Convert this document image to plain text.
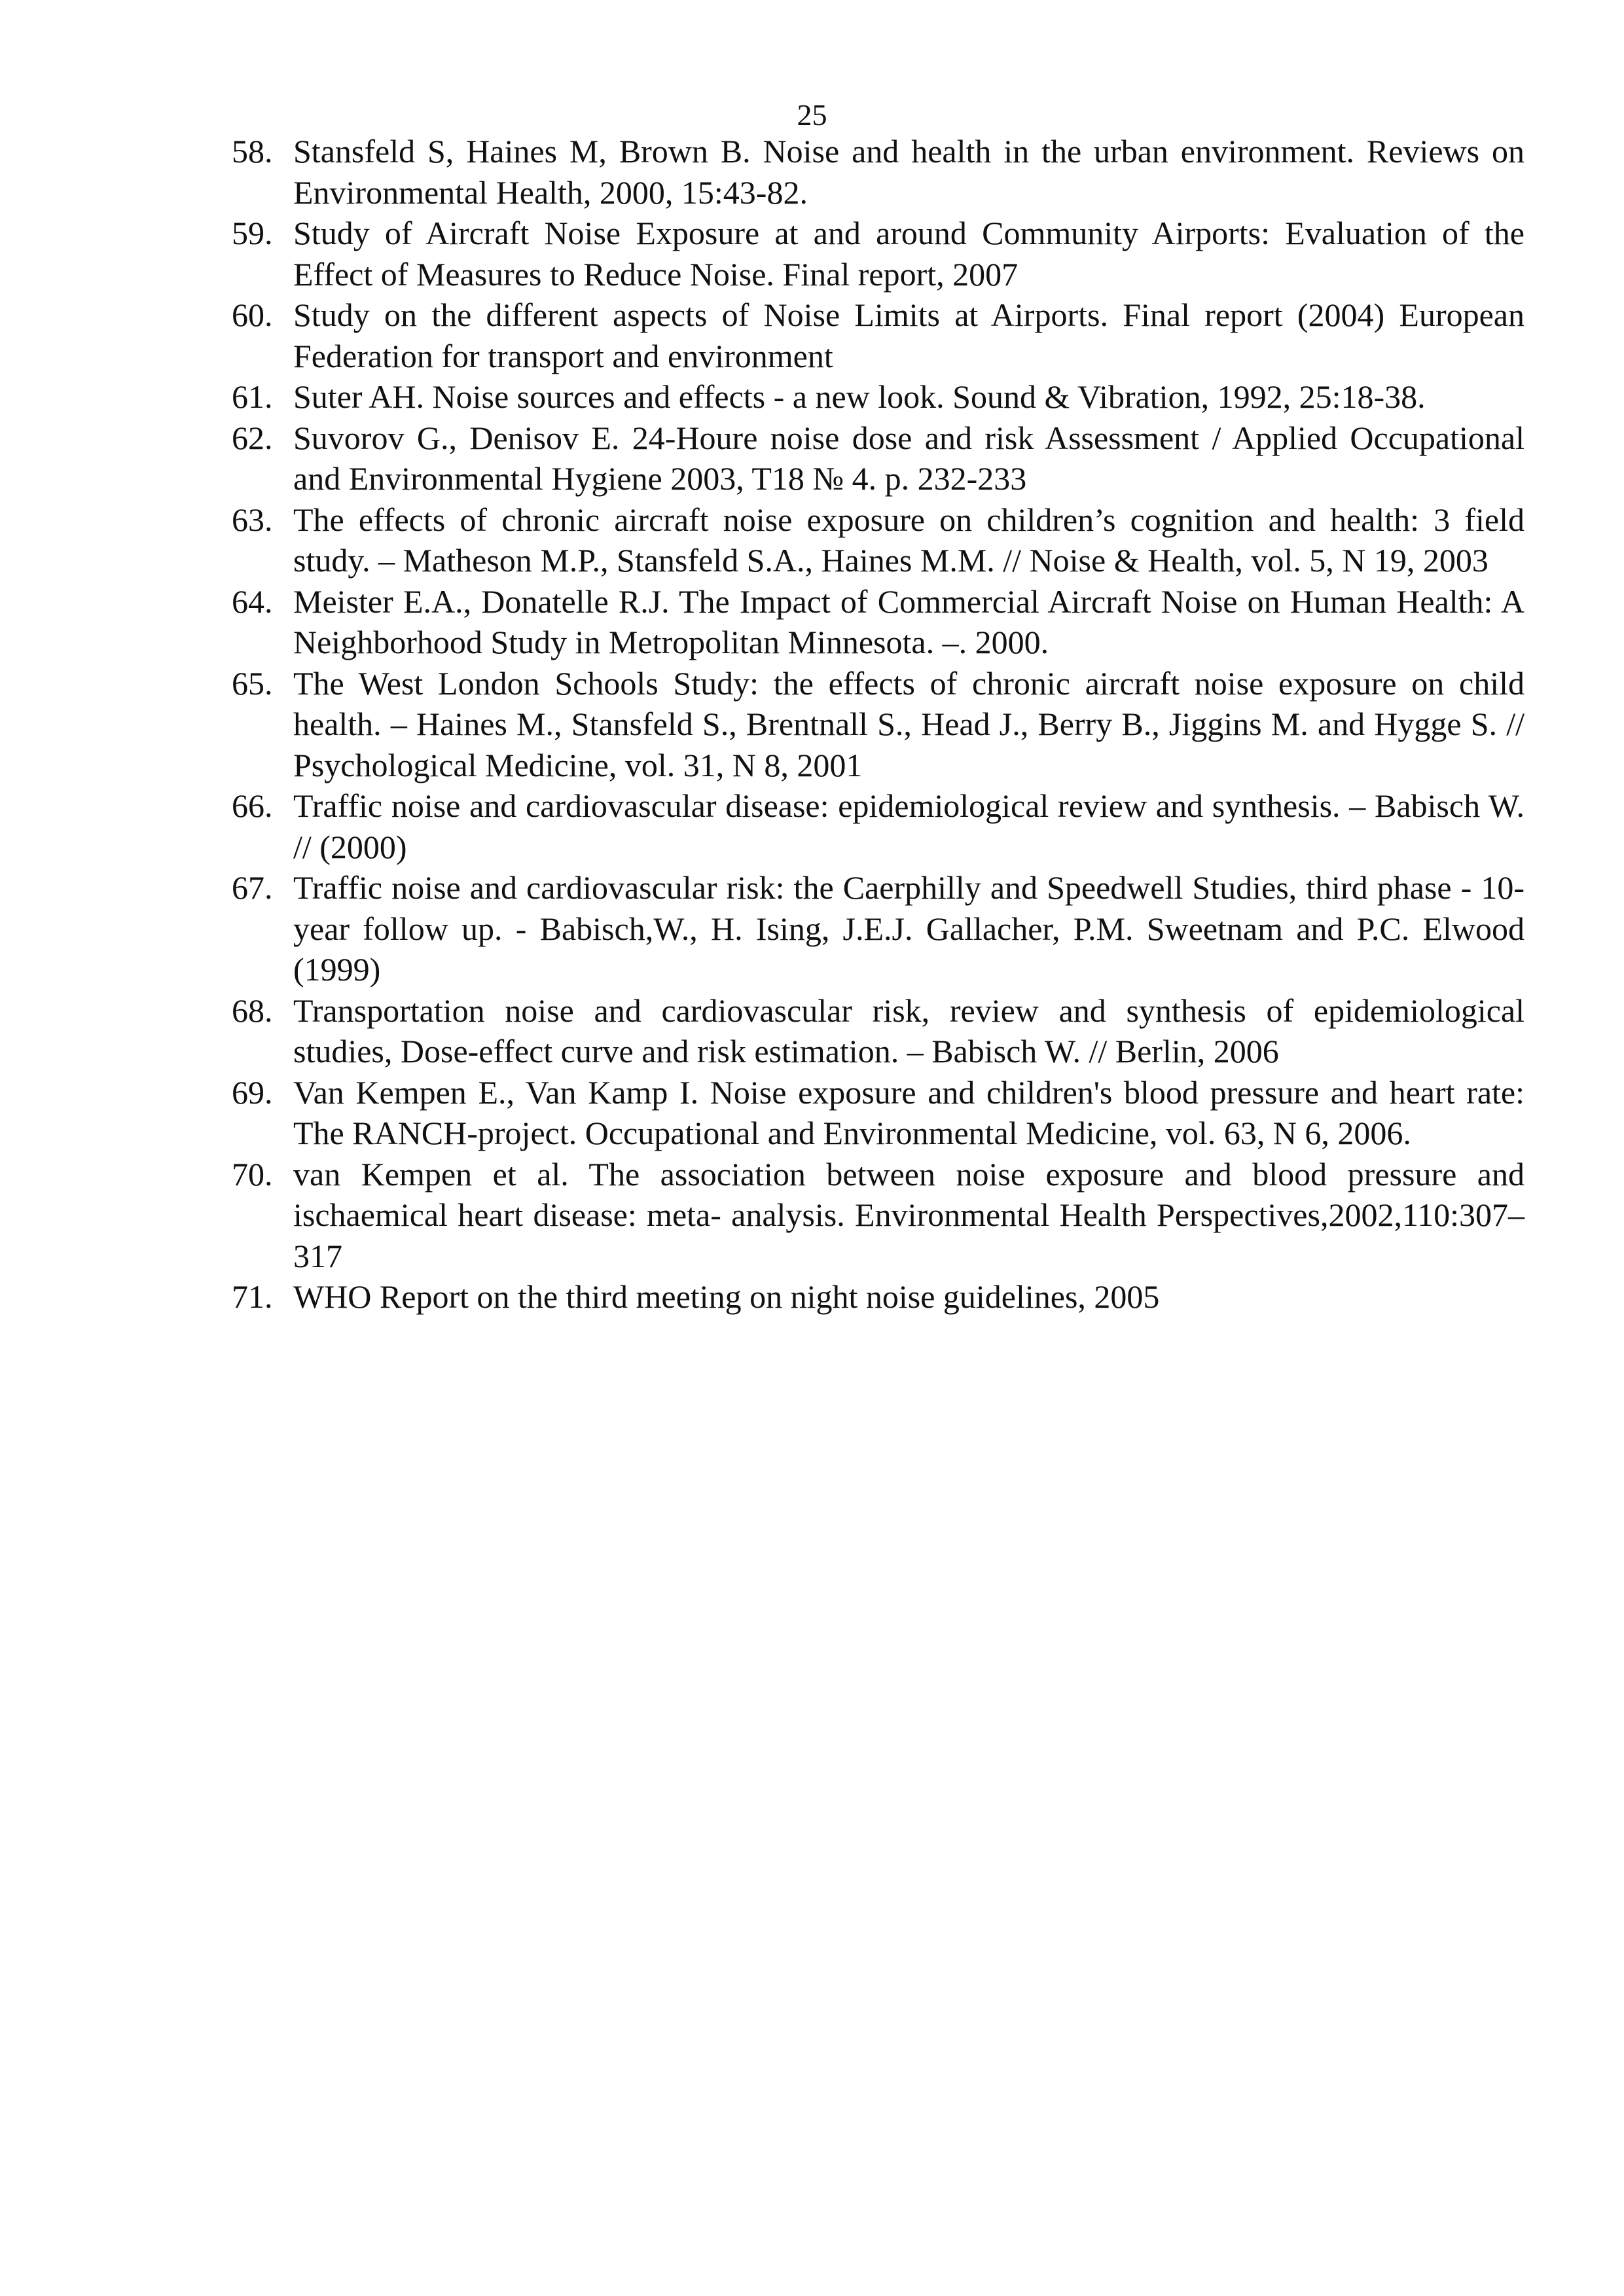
25
58. Stansfeld S, Haines M, Brown B. Noise and health in the urban environment. Reviews on Environmental Health, 2000, 15:43-82.
59. Study of Aircraft Noise Exposure at and around Community Airports: Evaluation of the Effect of Measures to Reduce Noise. Final report, 2007
60. Study on the different aspects of Noise Limits at Airports. Final report (2004) European Federation for transport and environment
61. Suter AH. Noise sources and effects - a new look. Sound & Vibration, 1992, 25:18-38.
62. Suvorov G., Denisov E. 24-Houre noise dose and risk Assessment / Applied Occupational and Environmental Hygiene 2003, T18 № 4. p. 232-233
63. The effects of chronic aircraft noise exposure on children’s cognition and health: 3 field study. – Matheson M.P., Stansfeld S.A., Haines M.M. // Noise & Health, vol. 5, N 19, 2003
64. Meister E.A., Donatelle R.J. The Impact of Commercial Aircraft Noise on Human Health: A Neighborhood Study in Metropolitan Minnesota. –. 2000.
65. The West London Schools Study: the effects of chronic aircraft noise exposure on child health. – Haines M., Stansfeld S., Brentnall S., Head J., Berry B., Jiggins M. and Hygge S. // Psychological Medicine, vol. 31, N 8, 2001
66. Traffic noise and cardiovascular disease: epidemiological review and synthesis. – Babisch W. // (2000)
67. Traffic noise and cardiovascular risk: the Caerphilly and Speedwell Studies, third phase - 10-year follow up. - Babisch,W., H. Ising, J.E.J. Gallacher, P.M. Sweetnam and P.C. Elwood (1999)
68. Transportation noise and cardiovascular risk, review and synthesis of epidemiological studies, Dose-effect curve and risk estimation. – Babisch W. // Berlin, 2006
69. Van Kempen E., Van Kamp I. Noise exposure and children's blood pressure and heart rate: The RANCH-project. Occupational and Environmental Medicine, vol. 63, N 6, 2006.
70. van Kempen et al. The association between noise exposure and blood pressure and ischaemical heart disease: meta- analysis. Environmental Health Perspectives,2002,110:307–317
71. WHO Report on the third meeting on night noise guidelines, 2005
